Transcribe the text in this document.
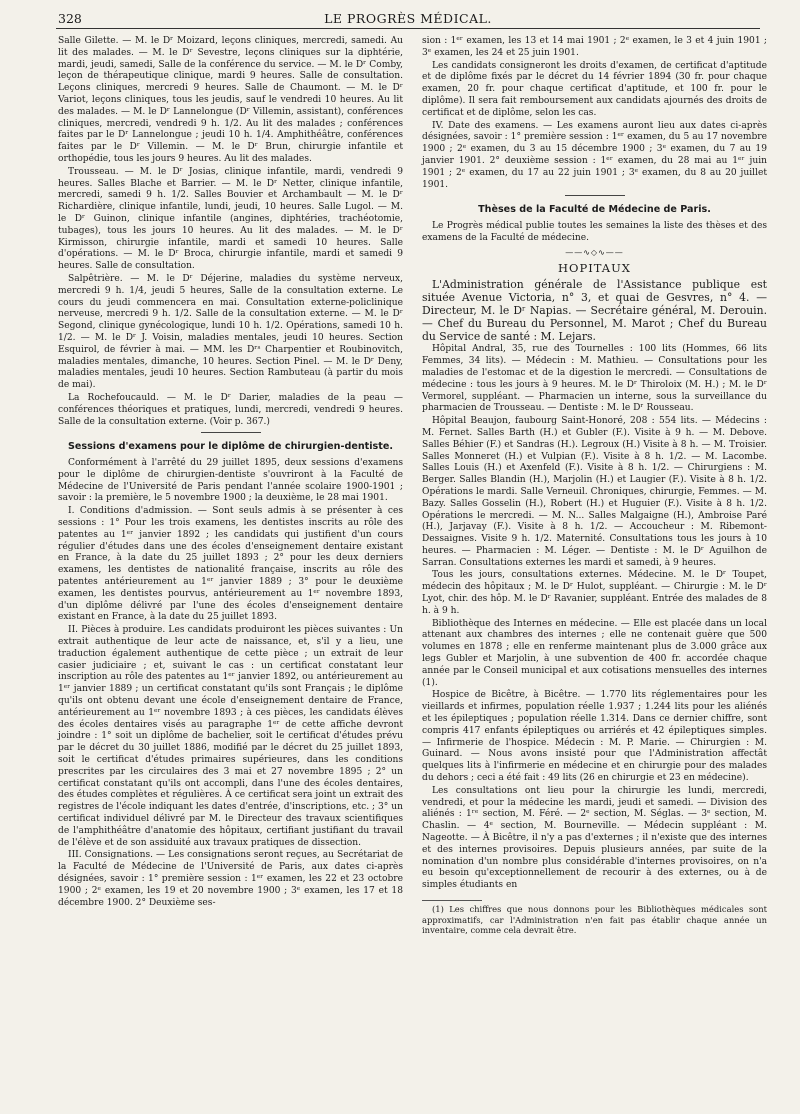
328	LE PROGRÈS MÉDICAL.

Salle Gilette. — M. le Dʳ Moizard, leçons cliniques, mercredi, samedi. Au lit des malades. — M. le Dʳ Sevestre, leçons cliniques sur la diphtérie, mardi, jeudi, samedi, Salle de la conférence du service. — M. le Dʳ Comby, leçon de thérapeutique clinique, mardi 9 heures. Salle de consultation. Leçons cliniques, mercredi 9 heures. Salle de Chaumont. — M. le Dʳ Variot, leçons cliniques, tous les jeudis, sauf le vendredi 10 heures. Au lit des malades. — M. le Dʳ Lannelongue (Dʳ Villemin, assistant), conférences cliniques, mercredi, vendredi 9 h. 1/2. Au lit des malades ; conférences faites par le Dʳ Lannelongue ; jeudi 10 h. 1/4. Amphithéâtre, conférences faites par le Dʳ Villemin. — M. le Dʳ Brun, chirurgie infantile et orthopédie, tous les jours 9 heures. Au lit des malades.

Trousseau. — M. le Dʳ Josias, clinique infantile, mardi, vendredi 9 heures. Salles Blache et Barrier. — M. le Dʳ Netter, clinique infantile, mercredi, samedi 9 h. 1/2. Salles Bouvier et Archambault — M. le Dʳ Richardière, clinique infantile, lundi, jeudi, 10 heures. Salle Lugol. — M. le Dʳ Guinon, clinique infantile (angines, diphtéries, trachéotomie, tubages), tous les jours 10 heures. Au lit des malades. — M. le Dʳ Kirmisson, chirurgie infantile, mardi et samedi 10 heures. Salle d'opérations. — M. le Dʳ Broca, chirurgie infantile, mardi et samedi 9 heures. Salle de consultation.

Salpêtrière. — M. le Dʳ Déjerine, maladies du système nerveux, mercredi 9 h. 1/4, jeudi 5 heures, Salle de la consultation externe. Le cours du jeudi commencera en mai. Consultation externe-policlinique nerveuse, mercredi 9 h. 1/2. Salle de la consultation externe. — M. le Dʳ Segond, clinique gynécologique, lundi 10 h. 1/2. Opérations, samedi 10 h. 1/2. — M. le Dʳ J. Voisin, maladies mentales, jeudi 10 heures. Section Esquirol, de février à mai. — MM. les Dʳˢ Charpentier et Roubinovitch, maladies mentales, dimanche, 10 heures. Section Pinel. — M. le Dʳ Deny, maladies mentales, jeudi 10 heures. Section Rambuteau (à partir du mois de mai).

La Rochefoucauld. — M. le Dʳ Darier, maladies de la peau — conférences théoriques et pratiques, lundi, mercredi, vendredi 9 heures. Salle de la consultation externe. (Voir p. 367.)

Sessions d'examens pour le diplôme de chirurgien-dentiste.

Conformément à l'arrêté du 29 juillet 1895, deux sessions d'examens pour le diplôme de chirurgien-dentiste s'ouvriront à la Faculté de Médecine de l'Université de Paris pendant l'année scolaire 1900-1901 ; savoir : la première, le 5 novembre 1900 ; la deuxième, le 28 mai 1901.

I. Conditions d'admission. — Sont seuls admis à se présenter à ces sessions : 1° Pour les trois examens, les dentistes inscrits au rôle des patentes au 1ᵉʳ janvier 1892 ; les candidats qui justifient d'un cours régulier d'études dans une des écoles d'enseignement dentaire existant en France, à la date du 25 juillet 1893 ; 2° pour les deux derniers examens, les dentistes de nationalité française, inscrits au rôle des patentes antérieurement au 1ᵉʳ janvier 1889 ; 3° pour le deuxième examen, les dentistes pourvus, antérieurement au 1ᵉʳ novembre 1893, d'un diplôme délivré par l'une des écoles d'enseignement dentaire existant en France, à la date du 25 juillet 1893.

II. Pièces à produire. Les candidats produiront les pièces suivantes : Un extrait authentique de leur acte de naissance, et, s'il y a lieu, une traduction également authentique de cette pièce ; un extrait de leur casier judiciaire ; et, suivant le cas : un certificat constatant leur inscription au rôle des patentes au 1ᵉʳ janvier 1892, ou antérieurement au 1ᵉʳ janvier 1889 ; un certificat constatant qu'ils sont Français ; le diplôme qu'ils ont obtenu devant une école d'enseignement dentaire de France, antérieurement au 1ᵉʳ novembre 1893 ; à ces pièces, les candidats élèves des écoles dentaires visés au paragraphe 1ᵉʳ de cette affiche devront joindre : 1° soit un diplôme de bachelier, soit le certificat d'études prévu par le décret du 30 juillet 1886, modifié par le décret du 25 juillet 1893, soit le certificat d'études primaires supérieures, dans les conditions prescrites par les circulaires des 3 mai et 27 novembre 1895 ; 2° un certificat constatant qu'ils ont accompli, dans l'une des écoles dentaires, des études complètes et régulières. À ce certificat sera joint un extrait des registres de l'école indiquant les dates d'entrée, d'inscriptions, etc. ; 3° un certificat individuel délivré par M. le Directeur des travaux scientifiques de l'amphithéâtre d'anatomie des hôpitaux, certifiant justifiant du travail de l'élève et de son assiduité aux travaux pratiques de dissection.

III. Consignations. — Les consignations seront reçues, au Secrétariat de la Faculté de Médecine de l'Université de Paris, aux dates ci-après désignées, savoir : 1° première session : 1ᵉʳ examen, les 22 et 23 octobre 1900 ; 2ᵉ examen, les 19 et 20 novembre 1900 ; 3ᵉ examen, les 17 et 18 décembre 1900. 2° Deuxième ses-

sion : 1ᵉʳ examen, les 13 et 14 mai 1901 ; 2ᵉ examen, le 3 et 4 juin 1901 ; 3ᵉ examen, les 24 et 25 juin 1901.

Les candidats consigneront les droits d'examen, de certificat d'aptitude et de diplôme fixés par le décret du 14 février 1894 (30 fr. pour chaque examen, 20 fr. pour chaque certificat d'aptitude, et 100 fr. pour le diplôme). Il sera fait remboursement aux candidats ajournés des droits de certificat et de diplôme, selon les cas.

IV. Date des examens. — Les examens auront lieu aux dates ci-après désignées, savoir : 1° première session : 1ᵉʳ examen, du 5 au 17 novembre 1900 ; 2ᵉ examen, du 3 au 15 décembre 1900 ; 3ᵉ examen, du 7 au 19 janvier 1901. 2° deuxième session : 1ᵉʳ examen, du 28 mai au 1ᵉʳ juin 1901 ; 2ᵉ examen, du 17 au 22 juin 1901 ; 3ᵉ examen, du 8 au 20 juillet 1901.

Thèses de la Faculté de Médecine de Paris.

Le Progrès médical publie toutes les semaines la liste des thèses et des examens de la Faculté de médecine.

——∿◇∿——
HOPITAUX

L'Administration générale de l'Assistance publique est située Avenue Victoria, n° 3, et quai de Gesvres, n° 4. — Directeur, M. le Dʳ Napias. — Secrétaire général, M. Derouin. — Chef du Bureau du Personnel, M. Marot ; Chef du Bureau du Service de santé : M. Lejars.

Hôpital Andral, 35, rue des Tournelles : 100 lits (Hommes, 66 lits Femmes, 34 lits). — Médecin : M. Mathieu. — Consultations pour les maladies de l'estomac et de la digestion le mercredi. — Consultations de médecine : tous les jours à 9 heures. M. le Dʳ Thiroloix (M. H.) ; M. le Dʳ Vermorel, suppléant. — Pharmacien un interne, sous la surveillance du pharmacien de Trousseau. — Dentiste : M. le Dʳ Rousseau.

Hôpital Beaujon, faubourg Saint-Honoré, 208 : 554 lits. — Médecins : M. Fernet. Salles Barth (H.) et Gubler (F.). Visite à 9 h. — M. Debove. Salles Béhier (F.) et Sandras (H.). Legroux (H.) Visite à 8 h. — M. Troisier. Salles Monneret (H.) et Vulpian (F.). Visite à 8 h. 1/2. — M. Lacombe. Salles Louis (H.) et Axenfeld (F.). Visite à 8 h. 1/2. — Chirurgiens : M. Berger. Salles Blandin (H.), Marjolin (H.) et Laugier (F.). Visite à 8 h. 1/2. Opérations le mardi. Salle Verneuil. Chroniques, chirurgie, Femmes. — M. Bazy. Salles Gosselin (H.), Robert (H.) et Huguier (F.). Visite à 8 h. 1/2. Opérations le mercredi. — M. N... Salles Malgaigne (H.), Ambroise Paré (H.), Jarjavay (F.). Visite à 8 h. 1/2. — Accoucheur : M. Ribemont-Dessaignes. Visite 9 h. 1/2. Maternité. Consultations tous les jours à 10 heures. — Pharmacien : M. Léger. — Dentiste : M. le Dʳ Aguilhon de Sarran. Consultations externes les mardi et samedi, à 9 heures.

Tous les jours, consultations externes. Médecine. M. le Dʳ Toupet, médecin des hôpitaux ; M. le Dʳ Hulot, suppléant. — Chirurgie : M. le Dʳ Lyot, chir. des hôp. M. le Dʳ Ravanier, suppléant. Entrée des malades de 8 h. à 9 h.

Bibliothèque des Internes en médecine. — Elle est placée dans un local attenant aux chambres des internes ; elle ne contenait guère que 500 volumes en 1878 ; elle en renferme maintenant plus de 3.000 grâce aux legs Gubler et Marjolin, à une subvention de 400 fr. accordée chaque année par le Conseil municipal et aux cotisations mensuelles des internes (1).

Hospice de Bicêtre, à Bicêtre. — 1.770 lits réglementaires pour les vieillards et infirmes, population réelle 1.937 ; 1.244 lits pour les aliénés et les épileptiques ; population réelle 1.314. Dans ce dernier chiffre, sont compris 417 enfants épileptiques ou arriérés et 42 épileptiques simples. — Infirmerie de l'hospice. Médecin : M. P. Marie. — Chirurgien : M. Guinard. — Nous avons insisté pour que l'Administration affectât quelques lits à l'infirmerie en médecine et en chirurgie pour des malades du dehors ; ceci a été fait : 49 lits (26 en chirurgie et 23 en médecine).

Les consultations ont lieu pour la chirurgie les lundi, mercredi, vendredi, et pour la médecine les mardi, jeudi et samedi. — Division des aliénés : 1ʳᵉ section, M. Féré. — 2ᵉ section, M. Séglas. — 3ᵉ section, M. Chaslin. — 4ᵉ section, M. Bourneville. — Médecin suppléant : M. Nageotte. — À Bicêtre, il n'y a pas d'externes ; il n'existe que des internes et des internes provisoires. Depuis plusieurs années, par suite de la nomination d'un nombre plus considérable d'internes provisoires, on n'a eu besoin qu'exceptionnellement de recourir à des externes, ou à de simples étudiants en

(1) Les chiffres que nous donnons pour les Bibliothèques médicales sont approximatifs, car l'Administration n'en fait pas établir chaque année un inventaire, comme cela devrait être.
